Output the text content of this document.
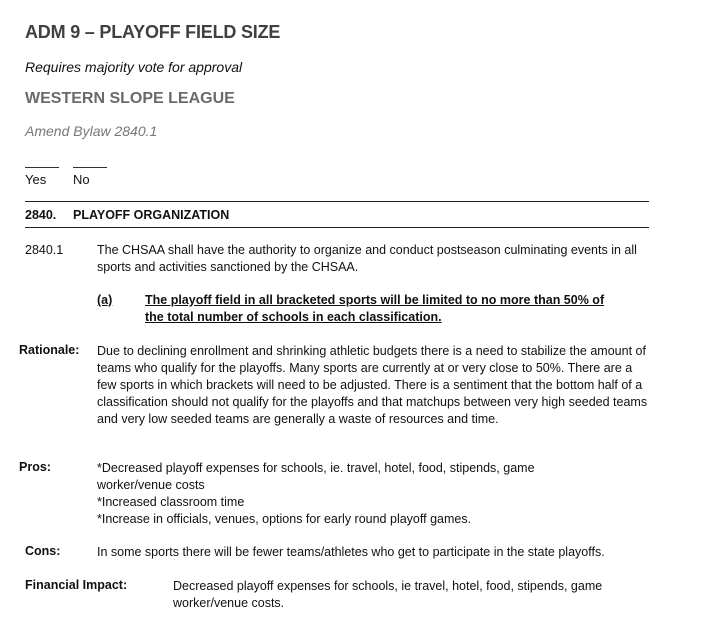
ADM 9 – PLAYOFF FIELD SIZE
Requires majority vote for approval
WESTERN SLOPE LEAGUE
Amend Bylaw 2840.1
Yes No
2840. PLAYOFF ORGANIZATION
2840.1	The CHSAA shall have the authority to organize and conduct postseason culminating events in all sports and activities sanctioned by the CHSAA.
(a)	The playoff field in all bracketed sports will be limited to no more than 50% of
the total number of schools in each classification.
Rationale: Due to declining enrollment and shrinking athletic budgets there is a need to stabilize the amount of teams who qualify for the playoffs. Many sports are currently at or very close to 50%. There are a few sports in which brackets will need to be adjusted. There is a sentiment that the bottom half of a classification should not qualify for the playoffs and that matchups between very high seeded teams and very low seeded teams are generally a waste of resources and time.
Pros:	*Decreased playoff expenses for schools, ie. travel, hotel, food, stipends, game worker/venue costs
*Increased classroom time
*Increase in officials, venues, options for early round playoff games.
Cons:	In some sports there will be fewer teams/athletes who get to participate in the state playoffs.
Financial Impact:	Decreased playoff expenses for schools, ie travel, hotel, food, stipends, game worker/venue costs.
